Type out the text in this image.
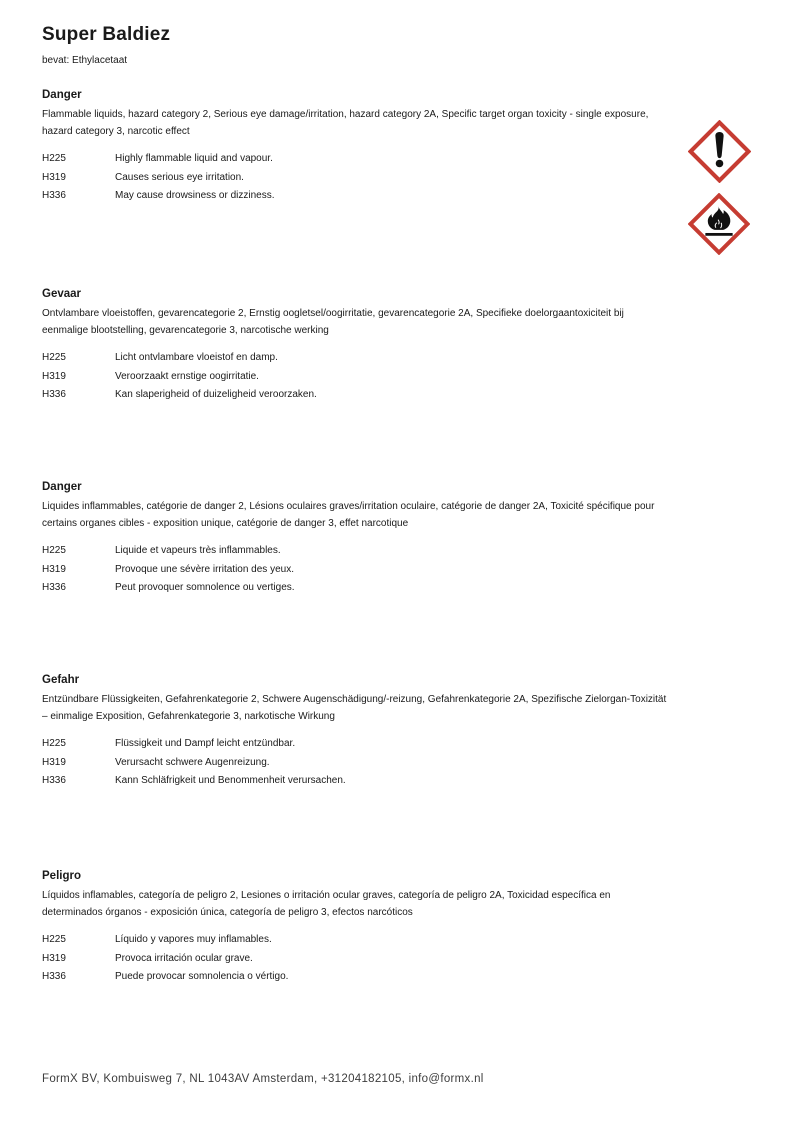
Super Baldiez
bevat: Ethylacetaat
Danger
Flammable liquids, hazard category 2, Serious eye damage/irritation, hazard category 2A, Specific target organ toxicity - single exposure, hazard category 3, narcotic effect
H225	Highly flammable liquid and vapour.
H319	Causes serious eye irritation.
H336	May cause drowsiness or dizziness.
Gevaar
Ontvlambare vloeistoffen, gevarencategorie 2, Ernstig oogletsel/oogirritatie, gevarencategorie 2A, Specifieke doelorgaantoxiciteit bij eenmalige blootstelling, gevarencategorie 3, narcotische werking
H225	Licht ontvlambare vloeistof en damp.
H319	Veroorzaakt ernstige oogirritatie.
H336	Kan slaperigheid of duizeligheid veroorzaken.
Danger
Liquides inflammables, catégorie de danger 2, Lésions oculaires graves/irritation oculaire, catégorie de danger 2A, Toxicité spécifique pour certains organes cibles - exposition unique, catégorie de danger 3, effet narcotique
H225	Liquide et vapeurs très inflammables.
H319	Provoque une sévère irritation des yeux.
H336	Peut provoquer somnolence ou vertiges.
Gefahr
Entzündbare Flüssigkeiten, Gefahrenkategorie 2, Schwere Augenschädigung/-reizung, Gefahrenkategorie 2A, Spezifische Zielorgan-Toxizität – einmalige Exposition, Gefahrenkategorie 3, narkotische Wirkung
H225	Flüssigkeit und Dampf leicht entzündbar.
H319	Verursacht schwere Augenreizung.
H336	Kann Schläfrigkeit und Benommenheit verursachen.
Peligro
Líquidos inflamables, categoría de peligro 2, Lesiones o irritación ocular graves, categoría de peligro 2A, Toxicidad específica en determinados órganos - exposición única, categoría de peligro 3, efectos narcóticos
H225	Líquido y vapores muy inflamables.
H319	Provoca irritación ocular grave.
H336	Puede provocar somnolencia o vértigo.
FormX BV, Kombuisweg 7, NL 1043AV Amsterdam, +31204182105, info@formx.nl
